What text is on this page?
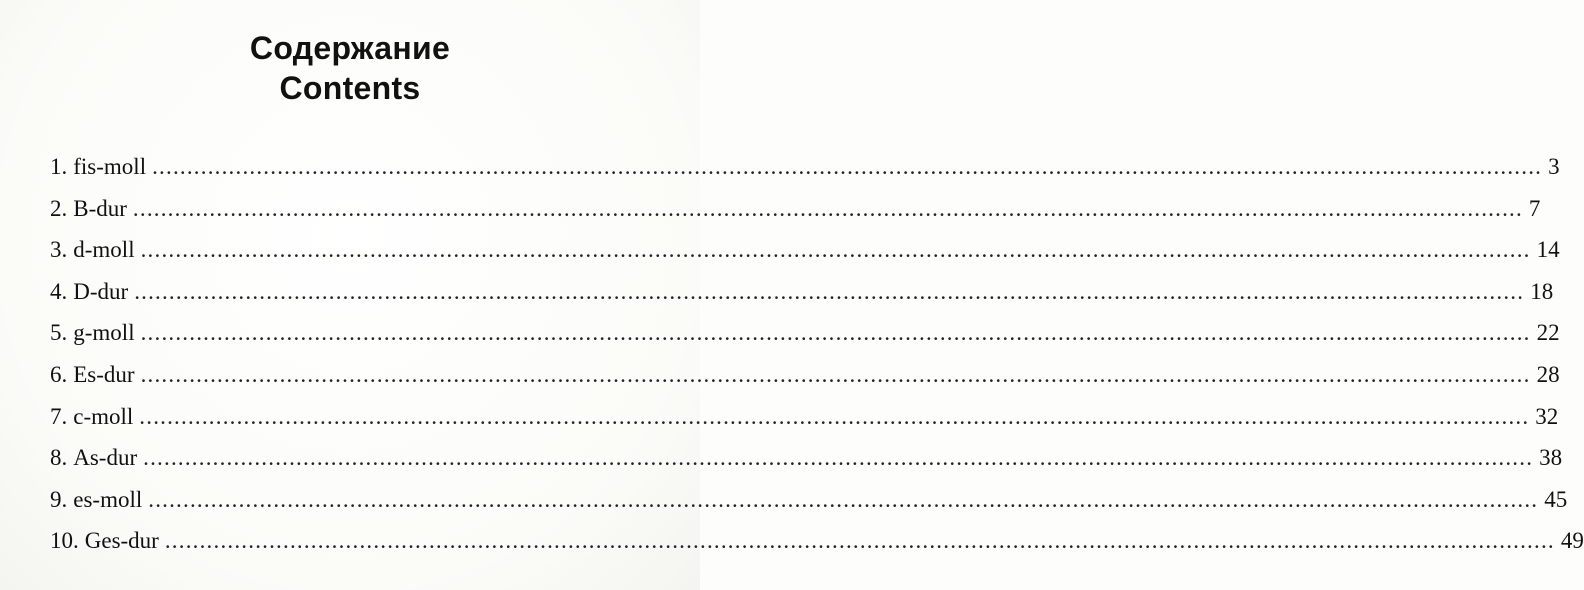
Содержание
Contents
1. fis-moll ........................................................................................................................................................................................................ 3
2. B-dur ........................................................................................................................................................................................................ 7
3. d-moll ........................................................................................................................................................................................................ 14
4. D-dur ........................................................................................................................................................................................................ 18
5. g-moll ........................................................................................................................................................................................................ 22
6. Es-dur ........................................................................................................................................................................................................ 28
7. c-moll ........................................................................................................................................................................................................ 32
8. As-dur ........................................................................................................................................................................................................ 38
9. es-moll ........................................................................................................................................................................................................ 45
10. Ges-dur ........................................................................................................................................................................................................ 49
